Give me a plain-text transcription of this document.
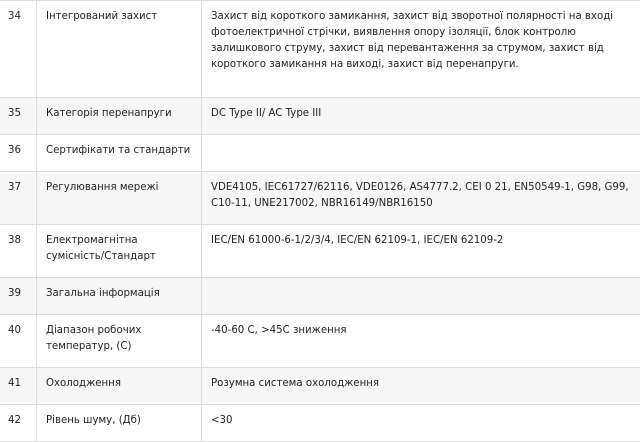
34	Інтегрований захист	Захист від короткого замикання, захист від зворотної полярності на вході фотоелектричної стрічки, виявлення опору ізоляції, блок контролю залишкового струму, захист від перевантаження за струмом, захист від короткого замикання на виході, захист від перенапруги.
35	Категорія перенапруги	DC Type II/ AC Type III
36	Сертифікати та стандарти	
37	Регулювання мережі	VDE4105, IEC61727/62116, VDE0126, AS4777.2, CEI 0 21, EN50549-1, G98, G99, C10-11, UNE217002, NBR16149/NBR16150
38	Електромагнітна сумісність/Стандарт	IEC/EN 61000-6-1/2/3/4, IEC/EN 62109-1, IEC/EN 62109-2
39	Загальна інформація	
40	Діапазон робочих температур, (С)	-40-60 С, >45С зниження
41	Охолодження	Розумна система охолодження
42	Рівень шуму, (Дб)	<30
